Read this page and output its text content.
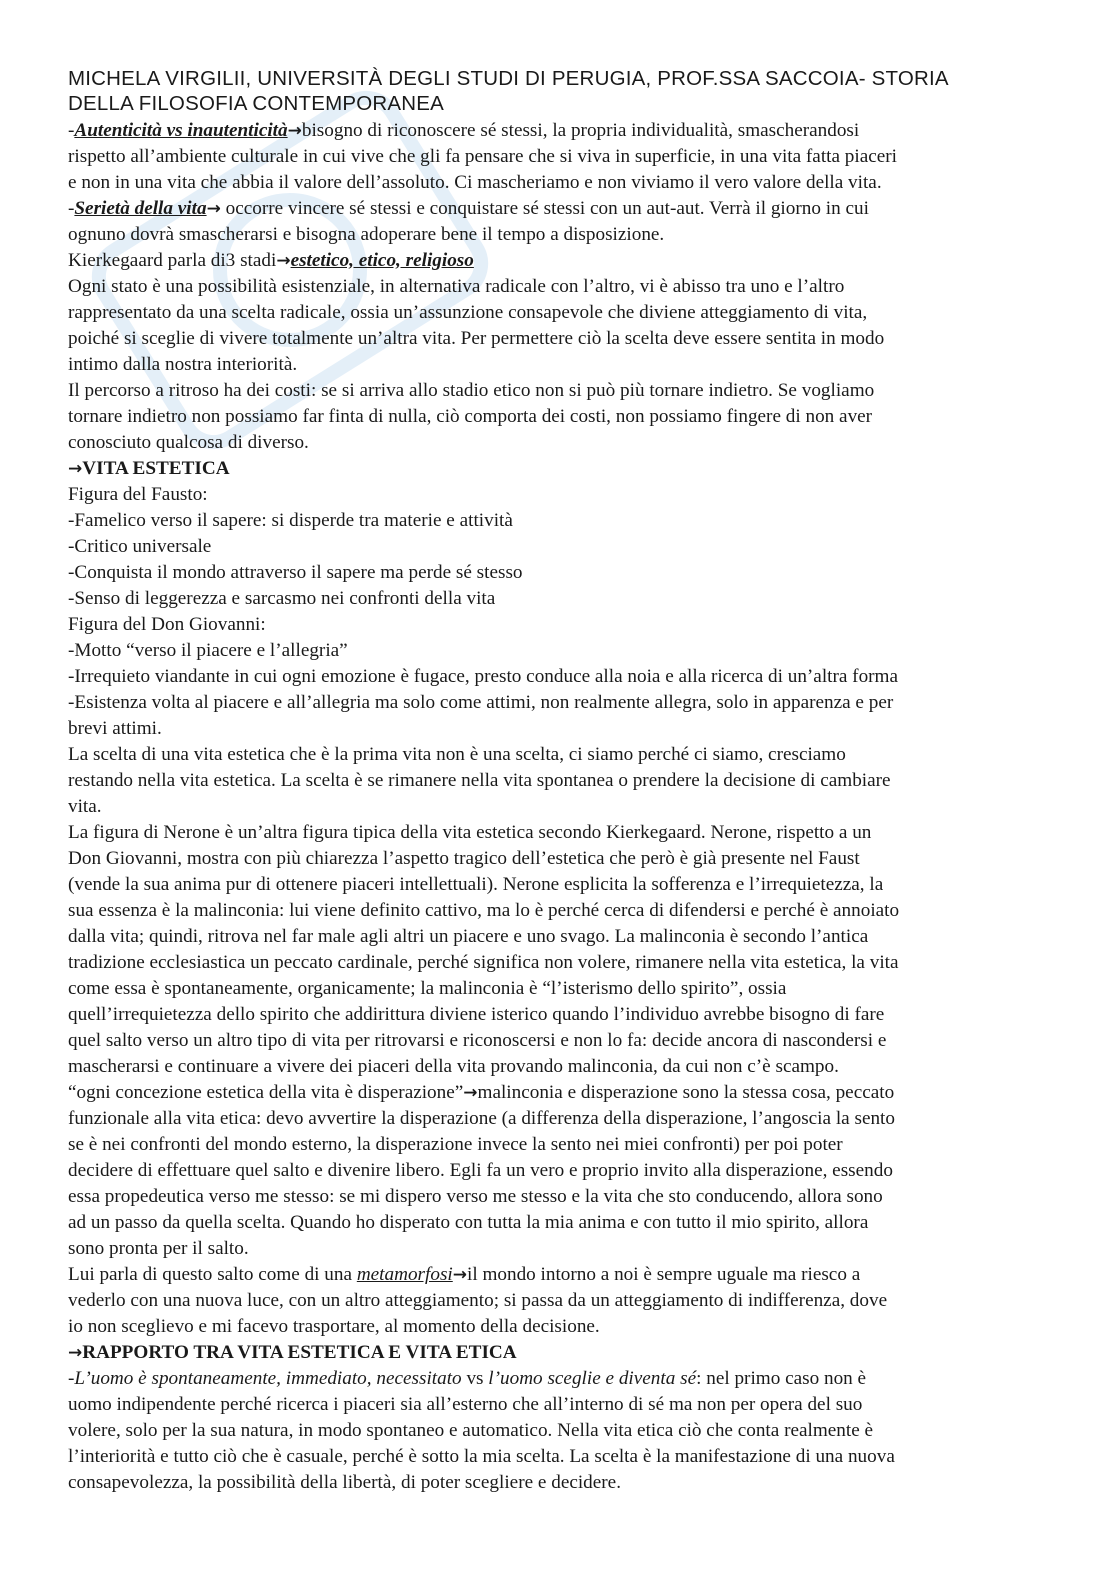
MICHELA VIRGILII, UNIVERSITÀ DEGLI STUDI DI PERUGIA, PROF.SSA SACCOIA- STORIA
DELLA FILOSOFIA CONTEMPORANEA
-Autenticità vs inautenticità→bisogno di riconoscere sé stessi, la propria individualità, smascherandosi
rispetto all’ambiente culturale in cui vive che gli fa pensare che si viva in superficie, in una vita fatta piaceri
e non in una vita che abbia il valore dell’assoluto. Ci mascheriamo e non viviamo il vero valore della vita.
-Serietà della vita→ occorre vincere sé stessi e conquistare sé stessi con un aut-aut. Verrà il giorno in cui
ognuno dovrà smascherarsi e bisogna adoperare bene il tempo a disposizione.
Kierkegaard parla di3 stadi→estetico, etico, religioso
Ogni stato è una possibilità esistenziale, in alternativa radicale con l’altro, vi è abisso tra uno e l’altro
rappresentato da una scelta radicale, ossia un’assunzione consapevole che diviene atteggiamento di vita,
poiché si sceglie di vivere totalmente un’altra vita. Per permettere ciò la scelta deve essere sentita in modo
intimo dalla nostra interiorità.
Il percorso a ritroso ha dei costi: se si arriva allo stadio etico non si può più tornare indietro. Se vogliamo
tornare indietro non possiamo far finta di nulla, ciò comporta dei costi, non possiamo fingere di non aver
conosciuto qualcosa di diverso.
→VITA ESTETICA
Figura del Fausto:
-Famelico verso il sapere: si disperde tra materie e attività
-Critico universale
-Conquista il mondo attraverso il sapere ma perde sé stesso
-Senso di leggerezza e sarcasmo nei confronti della vita
Figura del Don Giovanni:
-Motto “verso il piacere e l’allegria”
-Irrequieto viandante in cui ogni emozione è fugace, presto conduce alla noia e alla ricerca di un’altra forma
-Esistenza volta al piacere e all’allegria ma solo come attimi, non realmente allegra, solo in apparenza e per
brevi attimi.
La scelta di una vita estetica che è la prima vita non è una scelta, ci siamo perché ci siamo, cresciamo
restando nella vita estetica. La scelta è se rimanere nella vita spontanea o prendere la decisione di cambiare
vita.
La figura di Nerone è un’altra figura tipica della vita estetica secondo Kierkegaard. Nerone, rispetto a un
Don Giovanni, mostra con più chiarezza l’aspetto tragico dell’estetica che però è già presente nel Faust
(vende la sua anima pur di ottenere piaceri intellettuali). Nerone esplicita la sofferenza e l’irrequietezza, la
sua essenza è la malinconia: lui viene definito cattivo, ma lo è perché cerca di difendersi e perché è annoiato
dalla vita; quindi, ritrova nel far male agli altri un piacere e uno svago. La malinconia è secondo l’antica
tradizione ecclesiastica un peccato cardinale, perché significa non volere, rimanere nella vita estetica, la vita
come essa è spontaneamente, organicamente; la malinconia è “l’isterismo dello spirito”, ossia
quell’irrequietezza dello spirito che addirittura diviene isterico quando l’individuo avrebbe bisogno di fare
quel salto verso un altro tipo di vita per ritrovarsi e riconoscersi e non lo fa: decide ancora di nascondersi e
mascherarsi e continuare a vivere dei piaceri della vita provando malinconia, da cui non c’è scampo.
“ogni concezione estetica della vita è disperazione”→malinconia e disperazione sono la stessa cosa, peccato
funzionale alla vita etica: devo avvertire la disperazione (a differenza della disperazione, l’angoscia la sento
se è nei confronti del mondo esterno, la disperazione invece la sento nei miei confronti) per poi poter
decidere di effettuare quel salto e divenire libero. Egli fa un vero e proprio invito alla disperazione, essendo
essa propedeutica verso me stesso: se mi dispero verso me stesso e la vita che sto conducendo, allora sono
ad un passo da quella scelta. Quando ho disperato con tutta la mia anima e con tutto il mio spirito, allora
sono pronta per il salto.
Lui parla di questo salto come di una metamorfosi→il mondo intorno a noi è sempre uguale ma riesco a
vederlo con una nuova luce, con un altro atteggiamento; si passa da un atteggiamento di indifferenza, dove
io non sceglievo e mi facevo trasportare, al momento della decisione.
→RAPPORTO TRA VITA ESTETICA E VITA ETICA
-L’uomo è spontaneamente, immediato, necessitato vs l’uomo sceglie e diventa sé: nel primo caso non è
uomo indipendente perché ricerca i piaceri sia all’esterno che all’interno di sé ma non per opera del suo
volere, solo per la sua natura, in modo spontaneo e automatico. Nella vita etica ciò che conta realmente è
l’interiorità e tutto ciò che è casuale, perché è sotto la mia scelta. La scelta è la manifestazione di una nuova
consapevolezza, la possibilità della libertà, di poter scegliere e decidere.
